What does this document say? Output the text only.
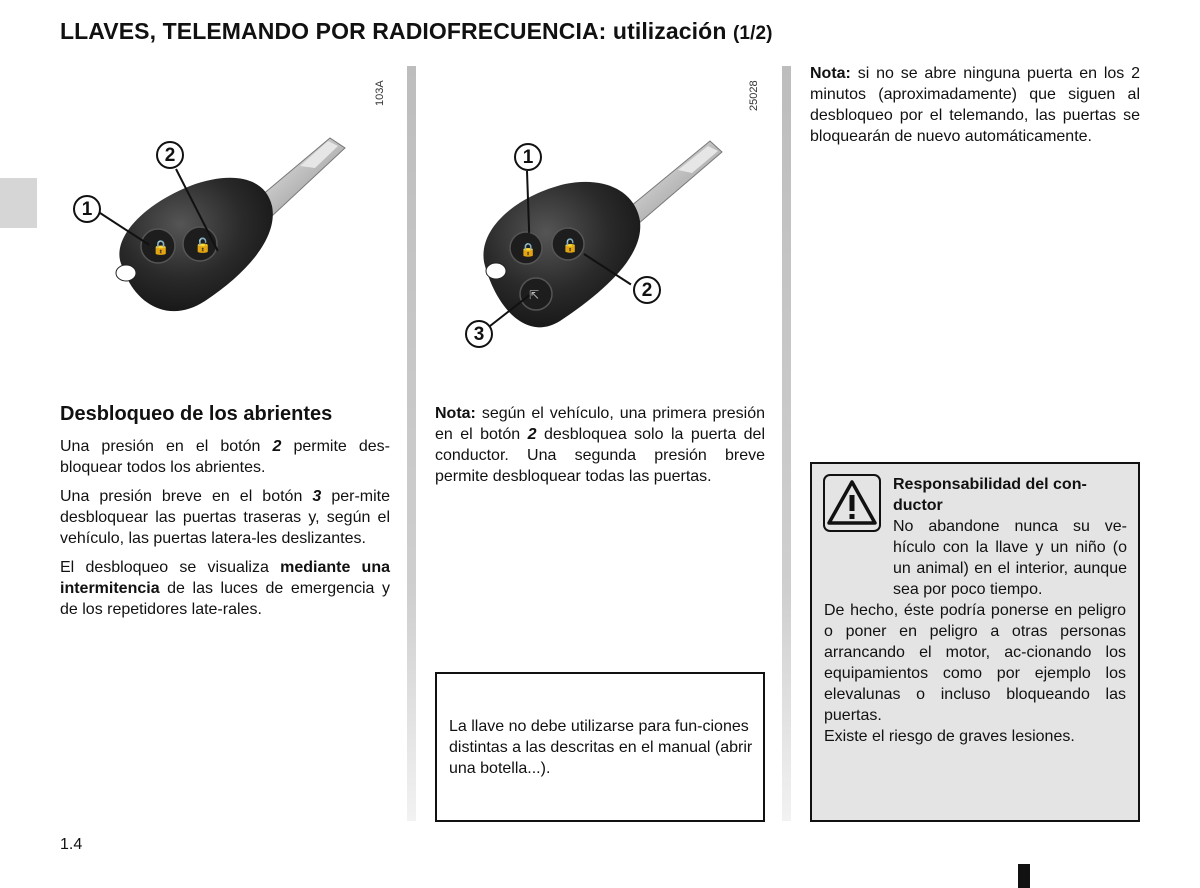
LLAVES, TELEMANDO POR RADIOFRECUENCIA: utilización (1/2)
🔒 🔓
103A
1
2
🔒 🔓
⇱
25028
1
2
3
Desbloqueo de los abrientes

Una presión en el botón 2 permite des-bloquear todos los abrientes.

Una presión breve en el botón 3 per-mite desbloquear las puertas traseras y, según el vehículo, las puertas latera-les deslizantes.

El desbloqueo se visualiza mediante una intermitencia de las luces de emergencia y de los repetidores late-rales.

Nota: según el vehículo, una primera presión en el botón 2 desbloquea solo la puerta del conductor. Una segunda presión breve permite desbloquear todas las puertas.

La llave no debe utilizarse para fun-ciones distintas a las descritas en el manual (abrir una botella...).

Nota: si no se abre ninguna puerta en los 2 minutos (aproximadamente) que siguen al desbloqueo por el telemando, las puertas se bloquearán de nuevo automáticamente.

Responsabilidad del con-ductor
No abandone nunca su ve-hículo con la llave y un niño (o un animal) en el interior, aunque sea por poco tiempo.
De hecho, éste podría ponerse en peligro o poner en peligro a otras personas arrancando el motor, ac-cionando los equipamientos como por ejemplo los elevalunas o incluso bloqueando las puertas.
Existe el riesgo de graves lesiones.
1.4
